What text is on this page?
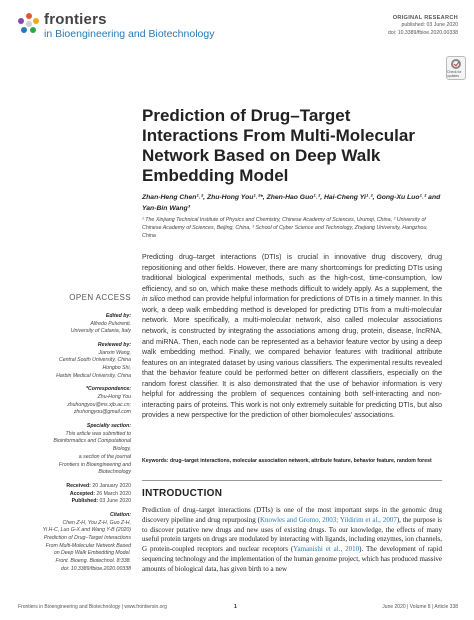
frontiers
in Bioengineering and Biotechnology
ORIGINAL RESEARCH
published: 03 June 2020
doi: 10.3389/fbioe.2020.00338
Check for updates
Prediction of Drug–Target Interactions From Multi-Molecular Network Based on Deep Walk Embedding Model
Zhan-Heng Chen¹˒², Zhu-Hong You¹˒²*, Zhen-Hao Guo¹˒², Hai-Cheng Yi¹˒², Gong-Xu Luo¹˒² and Yan-Bin Wang³
¹ The Xinjiang Technical Institute of Physics and Chemistry, Chinese Academy of Sciences, Urumqi, China, ² University of Chinese Academy of Sciences, Beijing, China, ³ School of Cyber Science and Technology, Zhejiang University, Hangzhou, China
OPEN ACCESS
Edited by:
Alfredo Pulvirenti,
University of Catania, Italy
Reviewed by:
Jianxin Wang,
Central South University, China
Hongbo Shi,
Harbin Medical University, China
*Correspondence:
Zhu-Hong You
zhuhongyou@ms.xjb.ac.cn;
zhuhongyou@gmail.com
Specialty section:
This article was submitted to
Bioinformatics and Computational
Biology,
a section of the journal
Frontiers in Bioengineering and
Biotechnology
Received: 20 January 2020
Accepted: 26 March 2020
Published: 03 June 2020
Citation:
Chen Z-H, You Z-H, Guo Z-H,
Yi H-C, Luo G-X and Wang Y-B (2020)
Prediction of Drug–Target Interactions
From Multi-Molecular Network Based
on Deep Walk Embedding Model.
Front. Bioeng. Biotechnol. 8:338.
doi: 10.3389/fbioe.2020.00338
Predicting drug–target interactions (DTIs) is crucial in innovative drug discovery, drug repositioning and other fields. However, there are many shortcomings for predicting DTIs using traditional biological experimental methods, such as the high-cost, time-consumption, low efficiency, and so on, which make these methods difficult to widely apply. As a supplement, the in silico method can provide helpful information for predictions of DTIs in a timely manner. In this work, a deep walk embedding method is developed for predicting DTIs from a multi-molecular network. More specifically, a multi-molecular network, also called molecular associations network, is constructed by integrating the associations among drug, protein, disease, lncRNA, and miRNA. Then, each node can be represented as a behavior feature vector by using a deep walk embedding method. Finally, we compared behavior features with traditional attribute features on an integrated dataset by using various classifiers. The experimental results revealed that the behavior feature could be performed better on different classifiers, especially on the random forest classifier. It is also demonstrated that the use of behavior information is very helpful for addressing the problem of sequences containing both self-interacting and non-interacting pairs of proteins. This work is not only extremely suitable for predicting DTIs, but also provides a new perspective for the prediction of other biomolecules' associations.
Keywords: drug–target interactions, molecular association network, attribute feature, behavior feature, random forest
INTRODUCTION
Prediction of drug–target interactions (DTIs) is one of the most important steps in the genomic drug discovery pipeline and drug repurposing (Knowles and Gromo, 2003; Yildirim et al., 2007), the purpose is to discover putative new drugs and new uses of existing drugs. To our knowledge, the effects of many useful protein targets on drugs are modulated by interacting with ligands, including enzymes, ion channels, G protein-coupled receptors and nuclear receptors (Yamanishi et al., 2010). The development of rapid sequencing technology and the implementation of the human genome project, which has produced massive amounts of biological data, has given birth to a new
Frontiers in Bioengineering and Biotechnology | www.frontiersin.org	1	June 2020 | Volume 8 | Article 338
